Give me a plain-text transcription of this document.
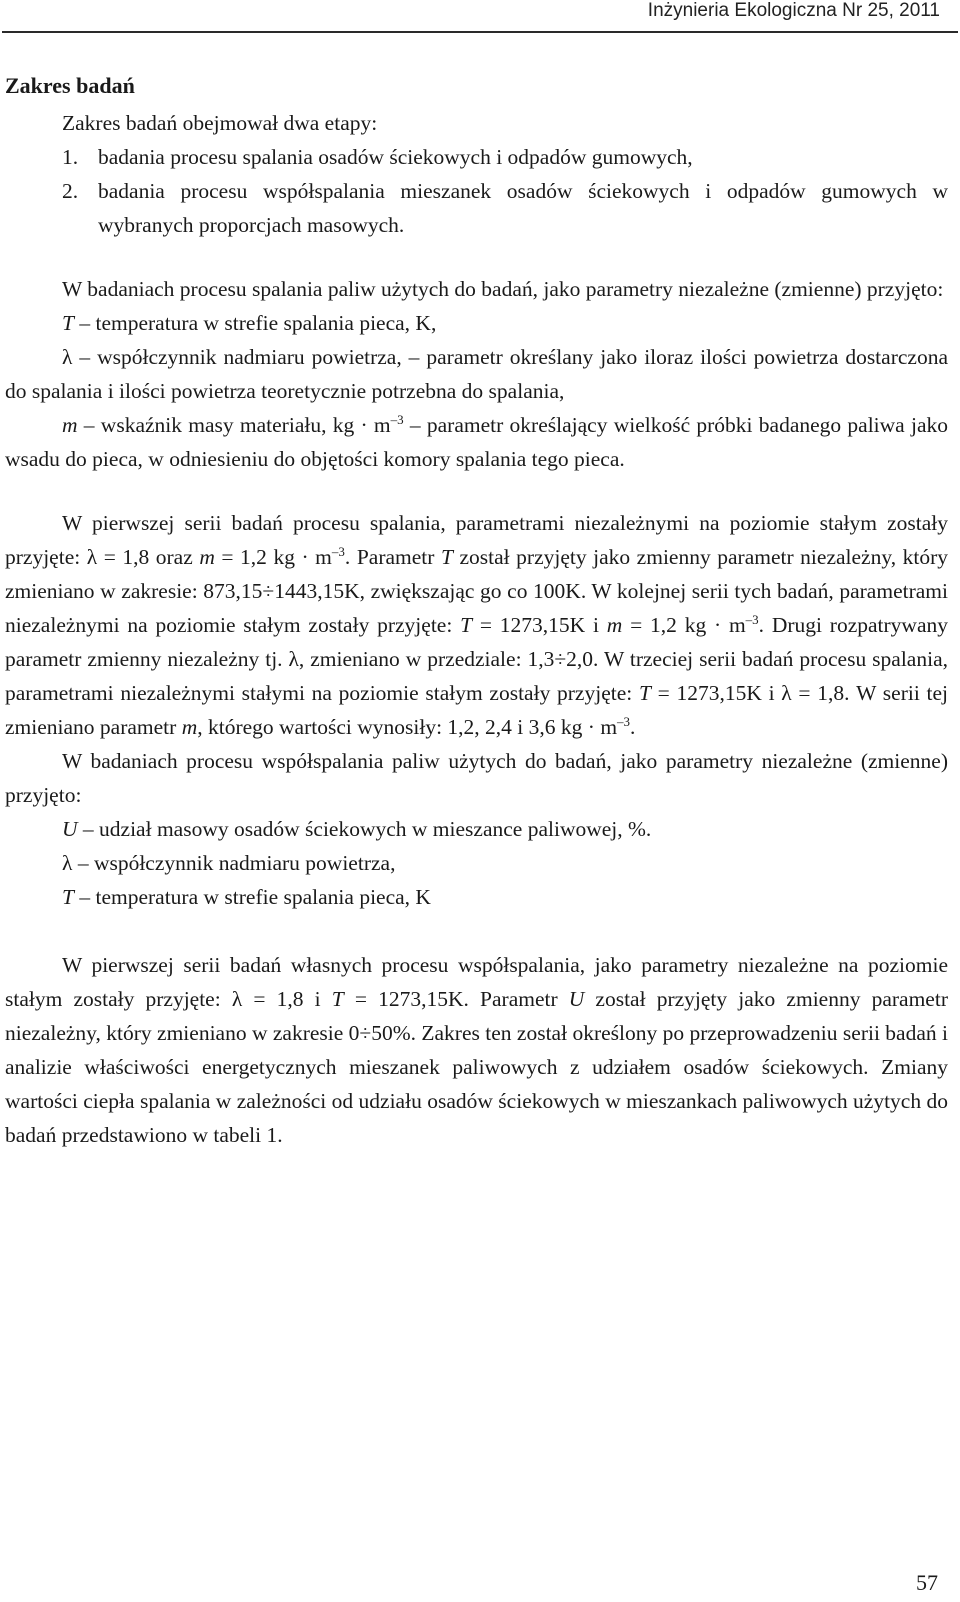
Inżynieria Ekologiczna Nr 25, 2011
Zakres badań

Zakres badań obejmował dwa etapy:

1. badania procesu spalania osadów ściekowych i odpadów gumowych,
2. badania procesu współspalania mieszanek osadów ściekowych i odpadów gumowych w wybranych proporcjach masowych.

W badaniach procesu spalania paliw użytych do badań, jako parametry niezależne (zmienne) przyjęto:

T – temperatura w strefie spalania pieca, K,

λ – współczynnik nadmiaru powietrza, – parametr określany jako iloraz ilości powietrza dostarczona do spalania i ilości powietrza teoretycznie potrzebna do spalania,

m – wskaźnik masy materiału, kg · $m^{-3}$ – parametr określający wielkość próbki badanego paliwa jako wsadu do pieca, w odniesieniu do objętości komory spalania tego pieca.

W pierwszej serii badań procesu spalania, parametrami niezależnymi na poziomie stałym zostały przyjęte: λ = 1,8 oraz m = 1,2 kg · $m^{-3}$. Parametr T został przyjęty jako zmienny parametr niezależny, który zmieniano w zakresie: 873,15÷1443,15K, zwiększając go co 100K. W kolejnej serii tych badań, parametrami niezależnymi na poziomie stałym zostały przyjęte: T = 1273,15K i m = 1,2 kg · $m^{-3}$. Drugi rozpatrywany parametr zmienny niezależny tj. λ, zmieniano w przedziale: 1,3÷2,0. W trzeciej serii badań procesu spalania, parametrami niezależnymi stałymi na poziomie stałym zostały przyjęte: T = 1273,15K i λ = 1,8. W serii tej zmieniano parametr m, którego wartości wynosiły: 1,2, 2,4 i 3,6 kg · $m^{-3}$.

W badaniach procesu współspalania paliw użytych do badań, jako parametry niezależne (zmienne) przyjęto:

U – udział masowy osadów ściekowych w mieszance paliwowej, %.

λ – współczynnik nadmiaru powietrza,

T – temperatura w strefie spalania pieca, K

W pierwszej serii badań własnych procesu współspalania, jako parametry niezależne na poziomie stałym zostały przyjęte: λ = 1,8 i T = 1273,15K. Parametr U został przyjęty jako zmienny parametr niezależny, który zmieniano w zakresie 0÷50%. Zakres ten został określony po przeprowadzeniu serii badań i analizie właściwości energetycznych mieszanek paliwowych z udziałem osadów ściekowych. Zmiany wartości ciepła spalania w zależności od udziału osadów ściekowych w mieszankach paliwowych użytych do badań przedstawiono w tabeli 1.

57
